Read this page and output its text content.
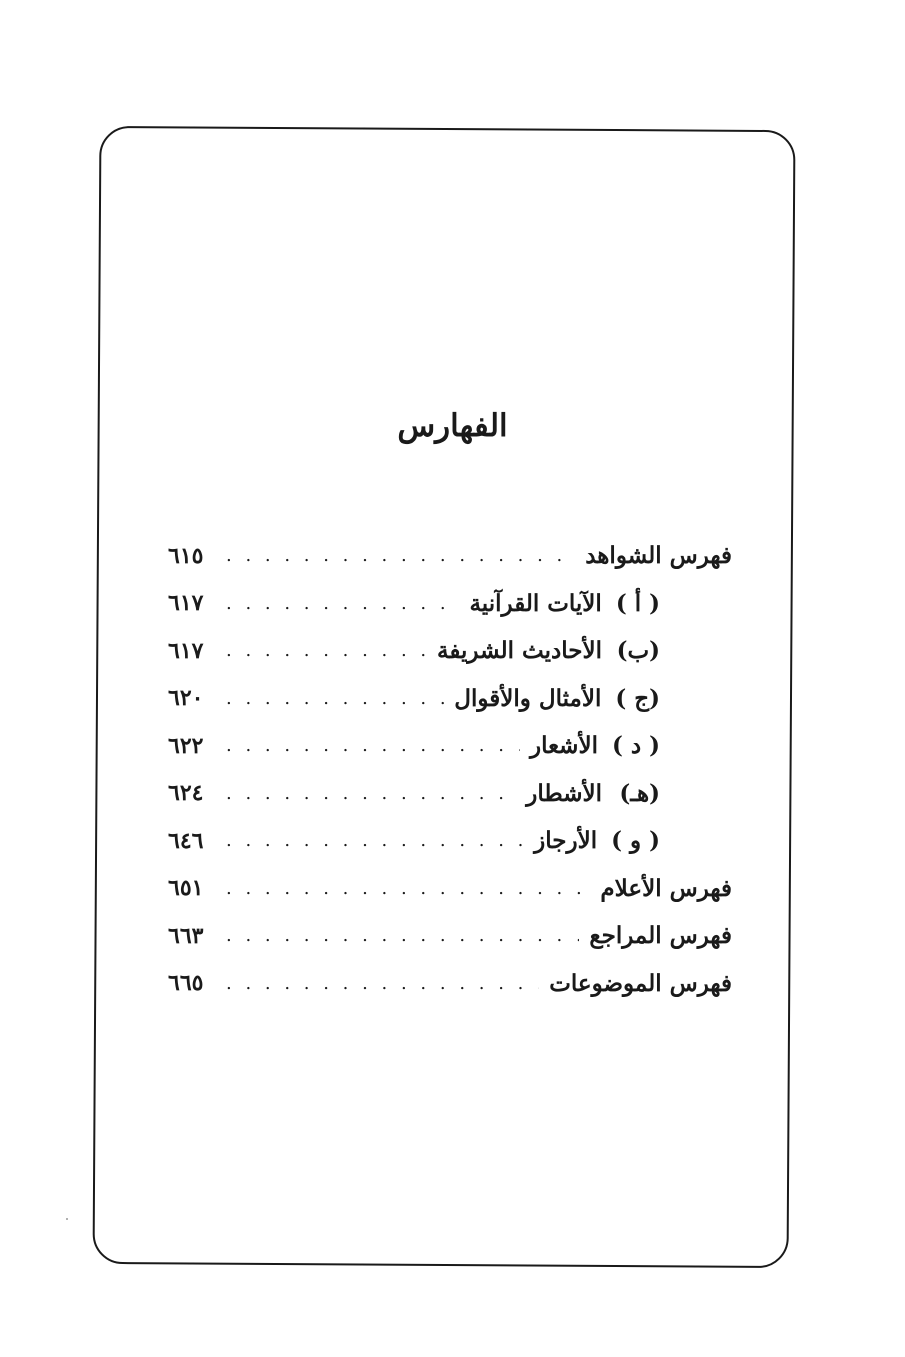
الفهارس
فهرس الشواهد
. . .
٦١٥
( أ )الآيات القرآنية
. . .
٦١٧
(ب)الأحاديث الشريفة
. . .
٦١٧
(ج )الأمثال والأقوال
. . .
٦٢٠
( د )الأشعار
. . .
٦٢٢
(هـ)الأشطار
. . .
٦٢٤
( و )الأرجاز
. . .
٦٤٦
فهرس الأعلام
. . .
٦٥١
فهرس المراجع
. . .
٦٦٣
فهرس الموضوعات
. . .
٦٦٥
